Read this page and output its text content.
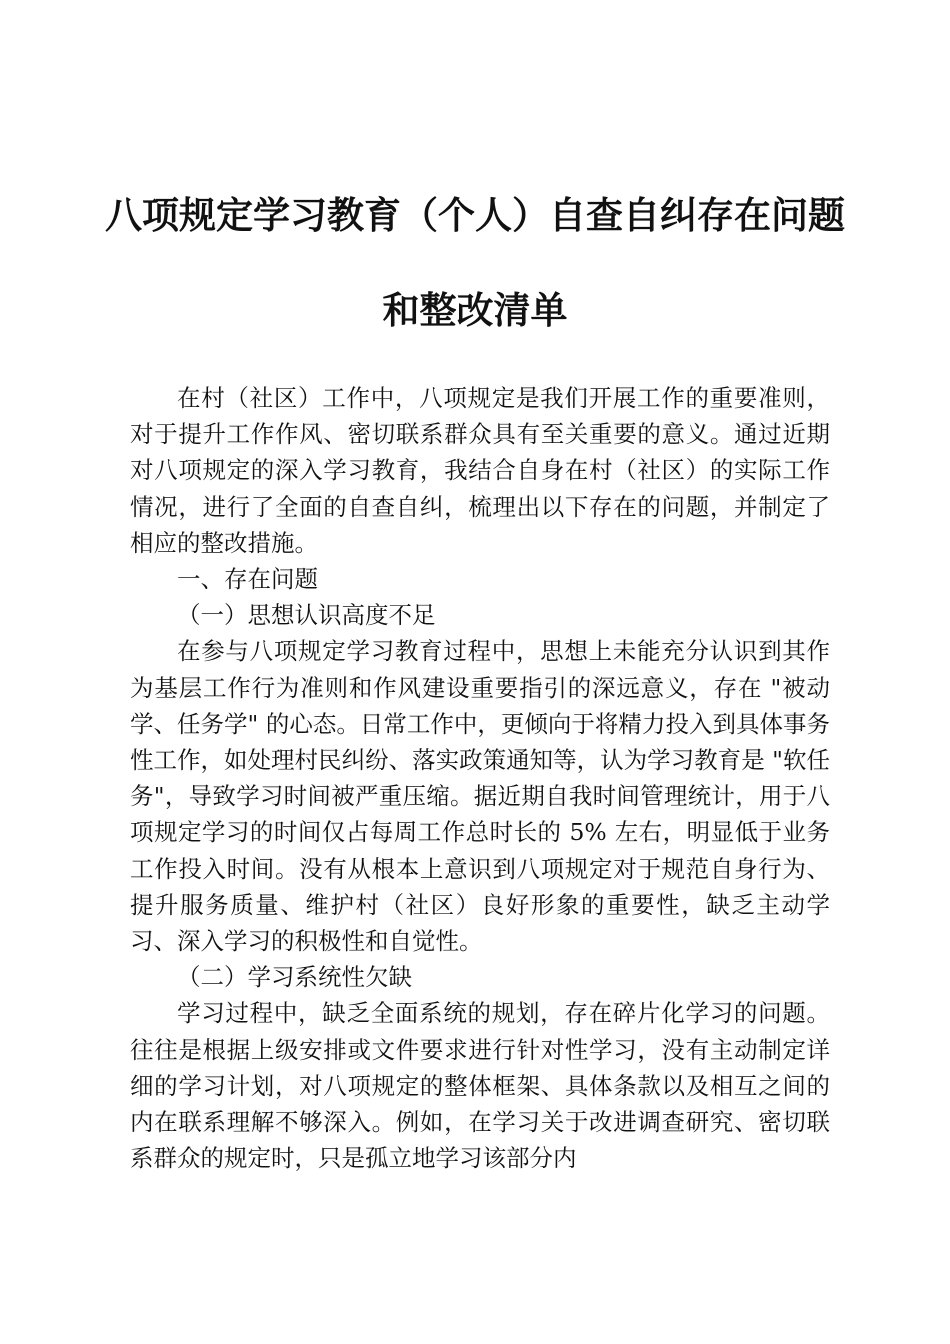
八项规定学习教育（个人）自查自纠存在问题
和整改清单

在村（社区）工作中，八项规定是我们开展工作的重要准则，对于提升工作作风、密切联系群众具有至关重要的意义。通过近期对八项规定的深入学习教育，我结合自身在村（社区）的实际工作情况，进行了全面的自查自纠，梳理出以下存在的问题，并制定了相应的整改措施。

一、存在问题

（一）思想认识高度不足

在参与八项规定学习教育过程中，思想上未能充分认识到其作为基层工作行为准则和作风建设重要指引的深远意义，存在 "被动学、任务学" 的心态。日常工作中，更倾向于将精力投入到具体事务性工作，如处理村民纠纷、落实政策通知等，认为学习教育是 "软任务"，导致学习时间被严重压缩。据近期自我时间管理统计，用于八项规定学习的时间仅占每周工作总时长的 5% 左右，明显低于业务工作投入时间。没有从根本上意识到八项规定对于规范自身行为、提升服务质量、维护村（社区）良好形象的重要性，缺乏主动学习、深入学习的积极性和自觉性。

（二）学习系统性欠缺

学习过程中，缺乏全面系统的规划，存在碎片化学习的问题。往往是根据上级安排或文件要求进行针对性学习，没有主动制定详细的学习计划，对八项规定的整体框架、具体条款以及相互之间的内在联系理解不够深入。例如，在学习关于改进调查研究、密切联系群众的规定时，只是孤立地学习该部分内
